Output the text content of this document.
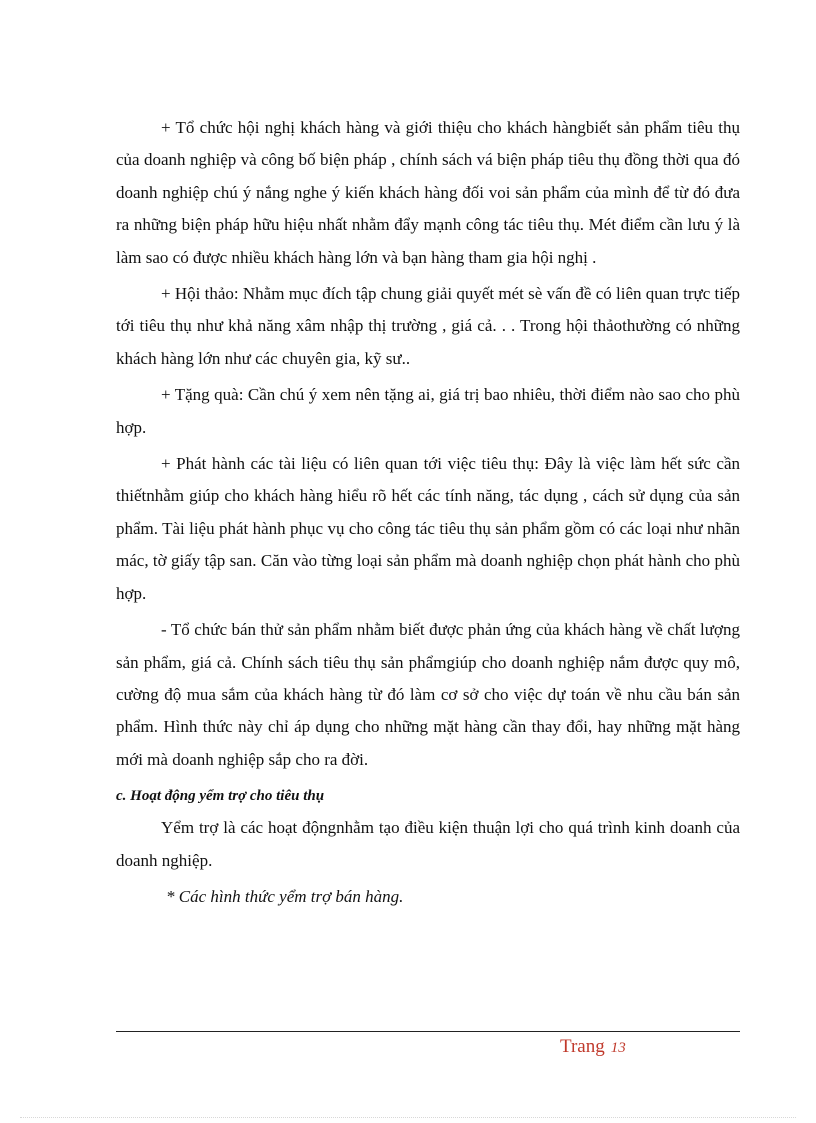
+ Tổ chức hội nghị khách hàng và giới thiệu cho khách hàngbiết sản phẩm tiêu thụ của doanh nghiệp và công bố biện pháp , chính sách vá biện pháp tiêu thụ đồng thời qua đó doanh nghiệp chú ý nắng nghe ý kiến khách hàng đối voi sản phẩm của mình để từ đó đưa ra những biện pháp hữu hiệu nhất nhằm đẩy mạnh công tác tiêu thụ. Mét điểm cần lưu ý là làm sao có được nhiều khách hàng lớn và bạn hàng tham gia hội nghị .

+ Hội thảo: Nhằm mục đích tập chung giải quyết mét sè vấn đề có liên quan trực tiếp tới tiêu thụ như khả năng xâm nhập thị trường , giá cả. . . Trong hội thảothường có những khách hàng lớn như các chuyên gia, kỹ sư..

+ Tặng quà: Cần chú ý xem nên tặng ai, giá trị bao nhiêu, thời điểm nào sao cho phù hợp.

+ Phát hành các tài liệu có liên quan tới việc tiêu thụ: Đây là việc làm hết sức cần thiếtnhằm giúp cho khách hàng hiểu rõ hết các tính năng, tác dụng , cách sử dụng của sản phẩm. Tài liệu phát hành phục vụ cho công tác tiêu thụ sản phẩm gồm có các loại như nhãn mác, tờ giấy tập san. Căn vào từng loại sản phẩm mà doanh nghiệp chọn phát hành cho phù hợp.

- Tổ chức bán thử sản phẩm nhằm biết được phản ứng của khách hàng về chất lượng sản phẩm, giá cả. Chính sách tiêu thụ sản phẩmgiúp cho doanh nghiệp nắm được quy mô, cường độ mua sắm của khách hàng từ đó làm cơ sở cho việc dự toán về nhu cầu bán sản phẩm. Hình thức này chỉ áp dụng cho những mặt hàng cần thay đổi, hay những mặt hàng mới mà doanh nghiệp sắp cho ra đời.

c. Hoạt động yểm trợ cho tiêu thụ

Yểm trợ là các hoạt độngnhằm tạo điều kiện thuận lợi cho quá trình kinh doanh của doanh nghiệp.

* Các hình thức yểm trợ bán hàng.

Trang 13
